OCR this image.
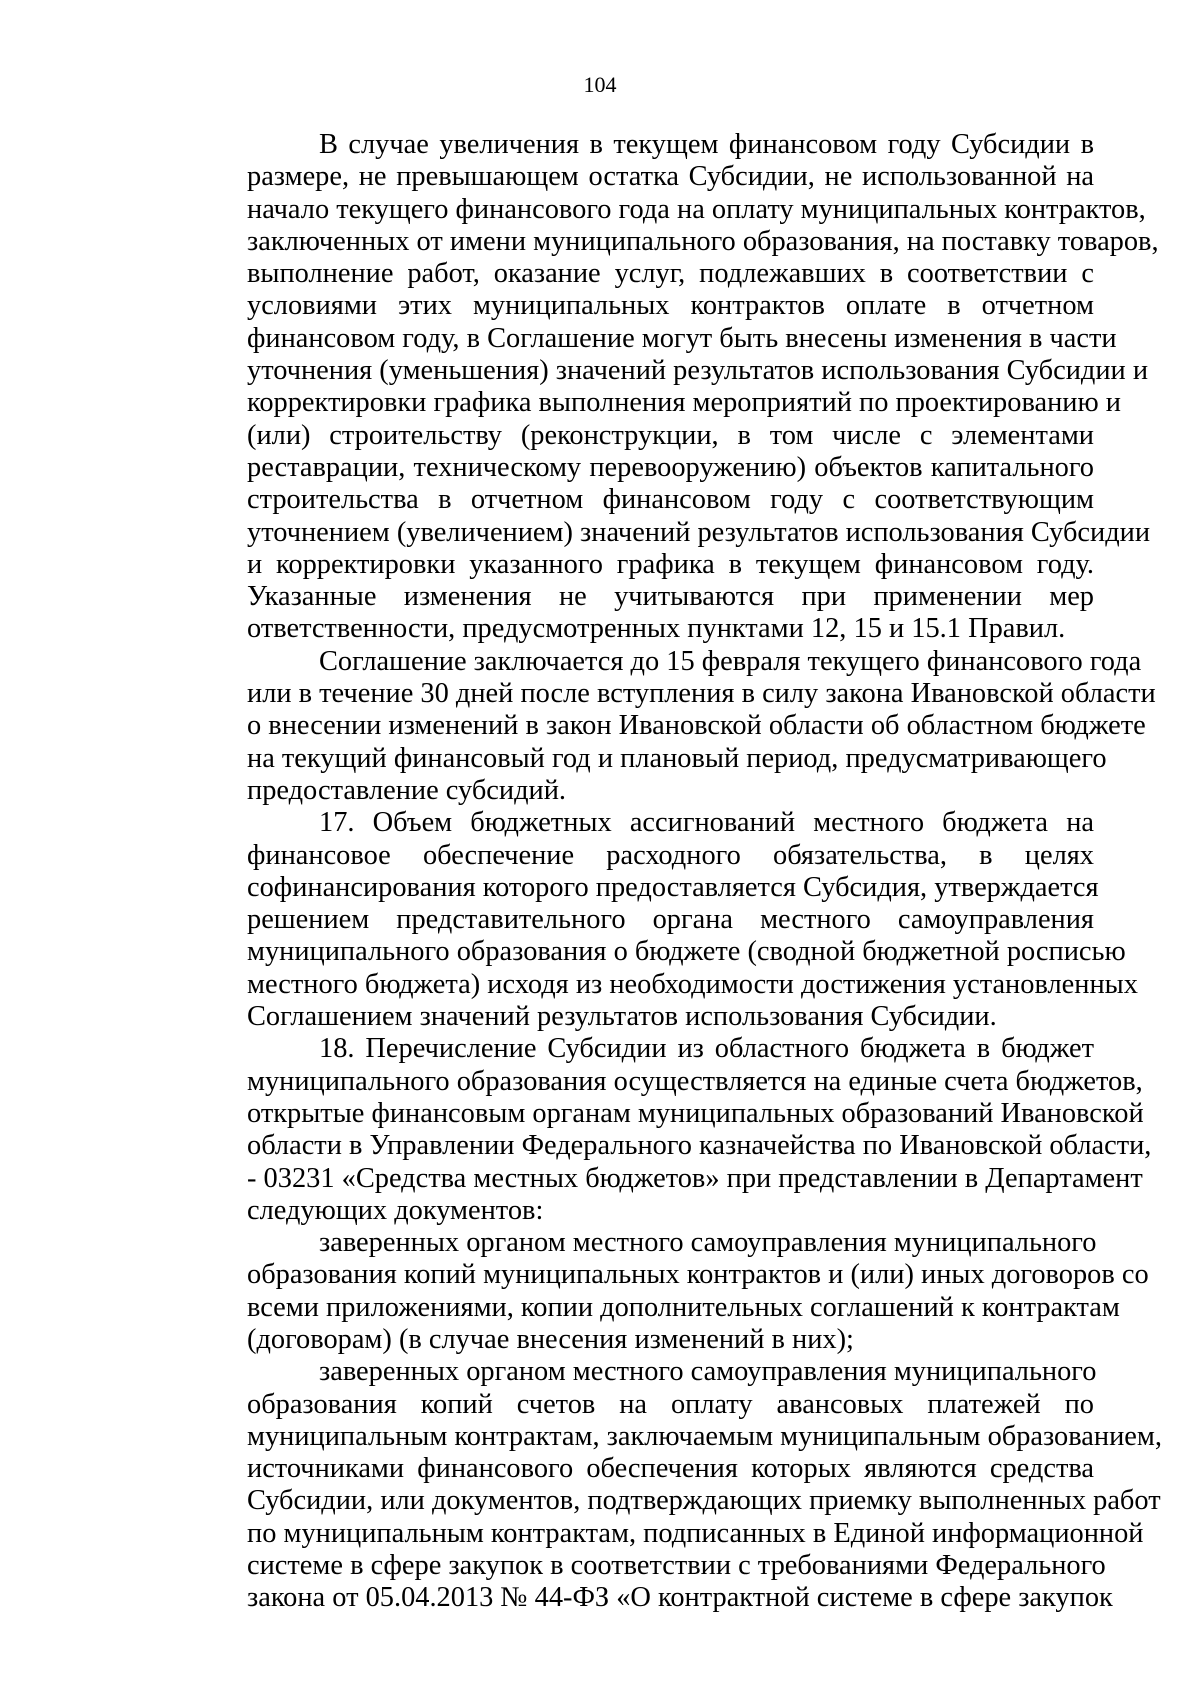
104
В случае увеличения в текущем финансовом году Субсидии в
размере, не превышающем остатка Субсидии, не использованной на
начало текущего финансового года на оплату муниципальных контрактов,
заключенных от имени муниципального образования, на поставку товаров,
выполнение работ, оказание услуг, подлежавших в соответствии с
условиями этих муниципальных контрактов оплате в отчетном
финансовом году, в Соглашение могут быть внесены изменения в части
уточнения (уменьшения) значений результатов использования Субсидии и
корректировки графика выполнения мероприятий по проектированию и
(или) строительству (реконструкции, в том числе с элементами
реставрации, техническому перевооружению) объектов капитального
строительства в отчетном финансовом году с соответствующим
уточнением (увеличением) значений результатов использования Субсидии
и корректировки указанного графика в текущем финансовом году.
Указанные изменения не учитываются при применении мер
ответственности, предусмотренных пунктами 12, 15 и 15.1 Правил.
Соглашение заключается до 15 февраля текущего финансового года
или в течение 30 дней после вступления в силу закона Ивановской области
о внесении изменений в закон Ивановской области об областном бюджете
на текущий финансовый год и плановый период, предусматривающего
предоставление субсидий.
17. Объем бюджетных ассигнований местного бюджета на
финансовое обеспечение расходного обязательства, в целях
софинансирования которого предоставляется Субсидия, утверждается
решением представительного органа местного самоуправления
муниципального образования о бюджете (сводной бюджетной росписью
местного бюджета) исходя из необходимости достижения установленных
Соглашением значений результатов использования Субсидии.
18. Перечисление Субсидии из областного бюджета в бюджет
муниципального образования осуществляется на единые счета бюджетов,
открытые финансовым органам муниципальных образований Ивановской
области в Управлении Федерального казначейства по Ивановской области,
- 03231 «Средства местных бюджетов» при представлении в Департамент
следующих документов:
заверенных органом местного самоуправления муниципального
образования копий муниципальных контрактов и (или) иных договоров со
всеми приложениями, копии дополнительных соглашений к контрактам
(договорам) (в случае внесения изменений в них);
заверенных органом местного самоуправления муниципального
образования копий счетов на оплату авансовых платежей по
муниципальным контрактам, заключаемым муниципальным образованием,
источниками финансового обеспечения которых являются средства
Субсидии, или документов, подтверждающих приемку выполненных работ
по муниципальным контрактам, подписанных в Единой информационной
системе в сфере закупок в соответствии с требованиями Федерального
закона от 05.04.2013 № 44-ФЗ «О контрактной системе в сфере закупок
